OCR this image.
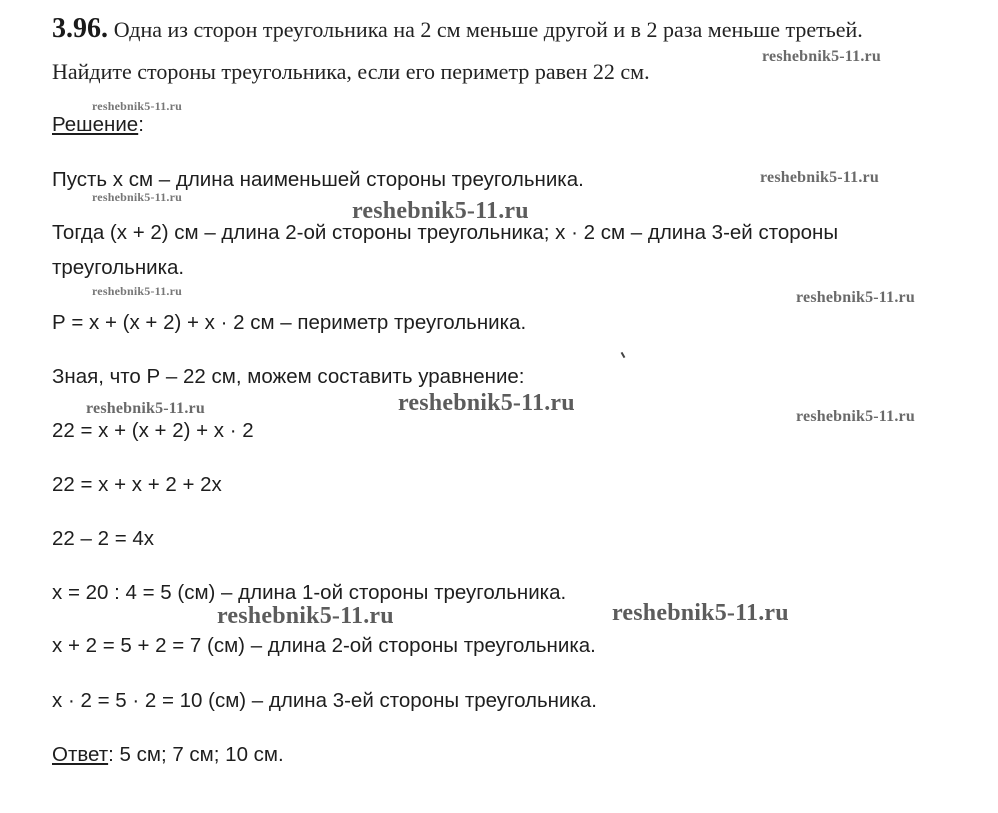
3.96. Одна из сторон треугольника на 2 см меньше другой и в 2 раза меньше третьей.
Найдите стороны треугольника, если его периметр равен 22 см.
Решение:
Пусть х см – длина наименьшей стороны треугольника.
Тогда (х + 2) см – длина 2-ой стороны треугольника; х · 2 см – длина 3-ей стороны
треугольника.
Р = х + (х + 2) + х · 2 см – периметр треугольника.
Зная, что Р – 22 см, можем составить уравнение:
22 = х + (х + 2) + х · 2
22 = х + х + 2 + 2х
22 – 2 = 4х
х = 20 : 4 = 5 (см) – длина 1-ой стороны треугольника.
х + 2 = 5 + 2 = 7 (см) – длина 2-ой стороны треугольника.
х · 2 = 5 · 2 = 10 (см) – длина 3-ей стороны треугольника.
Ответ: 5 см; 7 см; 10 см.
reshebnik5-11.ru
reshebnik5-11.ru
reshebnik5-11.ru
reshebnik5-11.ru
reshebnik5-11.ru
reshebnik5-11.ru	reshebnik5-11.ru
reshebnik5-11.ru
reshebnik5-11.ru	reshebnik5-11.ru
reshebnik5-11.ru	reshebnik5-11.ru
